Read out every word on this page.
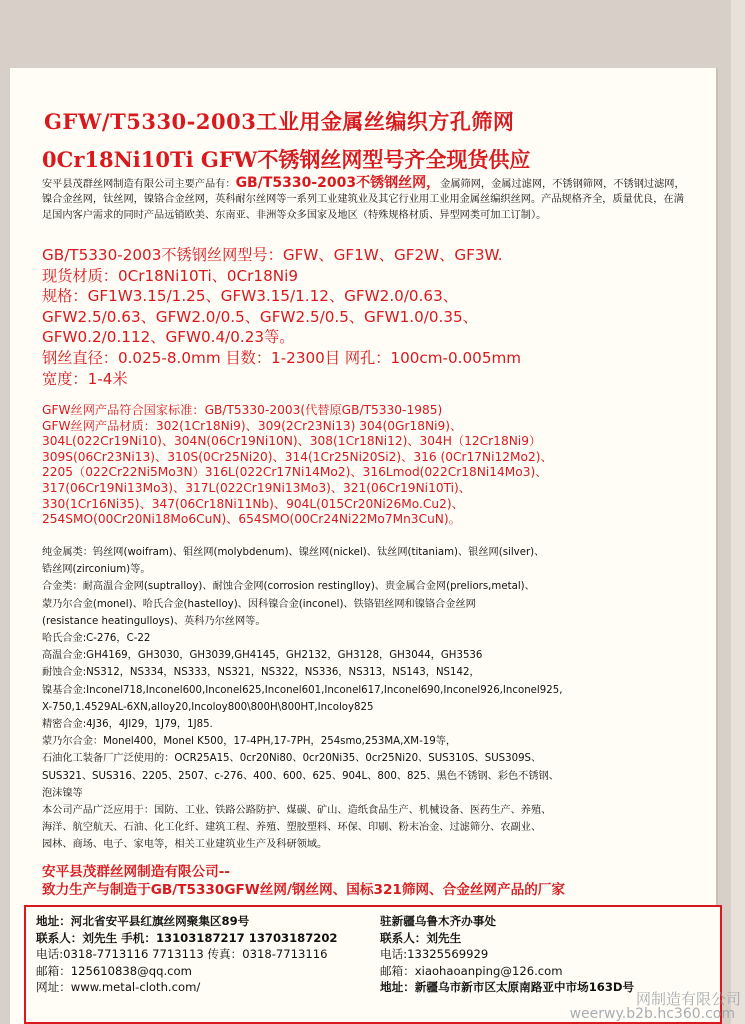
GFW/T5330-2003工业用金属丝编织方孔筛网
0Cr18Ni10Ti GFW不锈钢丝网型号齐全现货供应
安平县茂群丝网制造有限公司主要产品有：GB/T5330-2003不锈钢丝网，金属筛网，金属过滤网，不锈钢筛网，不锈钢过滤网，镍合金丝网，钛丝网，镍铬合金丝网，英科耐尔丝网等一系列工业建筑业及其它行业用工业用金属丝编织丝网。产品规格齐全，质量优良，在满足国内客户需求的同时产品远销欧美、东南亚、非洲等众多国家及地区（特殊规格材质、异型网类可加工订制）。
GB/T5330-2003不锈钢丝网型号：GFW、GF1W、GF2W、GF3W.
现货材质：0Cr18Ni10Ti、0Cr18Ni9
规格：GF1W3.15/1.25、GFW3.15/1.12、GFW2.0/0.63、
GFW2.5/0.63、GFW2.0/0.5、GFW2.5/0.5、GFW1.0/0.35、
GFW0.2/0.112、GFW0.4/0.23等。
钢丝直径：0.025-8.0mm 目数：1-2300目 网孔：100cm-0.005mm
宽度：1-4米
GFW丝网产品符合国家标准：GB/T5330-2003(代替原GB/T5330-1985)
GFW丝网产品材质：302(1Cr18Ni9)、309(2Cr23Ni13) 304(0Gr18Ni9)、
304L(022Cr19Ni10)、304N(06Cr19Ni10N)、308(1Cr18Ni12)、304H（12Cr18Ni9）
309S(06Cr23Ni13)、310S(0Cr25Ni20)、314(1Cr25Ni20Si2)、316 (0Cr17Ni12Mo2)、
2205（022Cr22Ni5Mo3N）316L(022Cr17Ni14Mo2)、316Lmod(022Cr18Ni14Mo3)、
317(06Cr19Ni13Mo3)、317L(022Cr19Ni13Mo3)、321(06Cr19Ni10Ti)、
330(1Cr16Ni35)、347(06Cr18Ni11Nb)、904L(015Cr20Ni26Mo.Cu2)、
254SMO(00Cr20Ni18Mo6CuN)、654SMO(00Cr24Ni22Mo7Mn3CuN)。
纯金属类：钨丝网(woifram)、钼丝网(molybdenum)、镍丝网(nickel)、钛丝网(titaniam)、银丝网(silver)、
锆丝网(zirconium)等。
合金类：耐高温合金网(suptralloy)、耐蚀合金网(corrosion restinglloy)、贵金属合金网(preliors,metal)、
蒙乃尔合金(monel)、哈氏合金(hastelloy)、因科镍合金(inconel)、铁铬铝丝网和镍铬合金丝网
(resistance heatingulloys)、英科乃尔丝网等。
哈氏合金:C-276，C-22
高温合金:GH4169，GH3030，GH3039,GH4145，GH2132，GH3128，GH3044，GH3536
耐蚀合金:NS312，NS334，NS333，NS321，NS322，NS336，NS313，NS143，NS142，
镍基合金:Inconel718,Inconel600,Inconel625,Inconel601,Inconel617,Inconel690,Inconel926,Inconel925,
X-750,1.4529AL-6XN,alloy20,Incoloy800\800H\800HT,Incoloy825
精密合金:4J36，4JI29，1J79，1J85.
蒙乃尔合金：Monel400，Monel K500，17-4PH,17-7PH，254smo,253MA,XM-19等，
石油化工装备厂广泛使用的：OCR25A15、0cr20Ni80、0cr20Ni35、0cr25Ni20、SUS310S、SUS309S、
SUS321、SUS316、2205、2507、c-276、400、600、625、904L、800、825、黑色不锈钢、彩色不锈钢、
泡沫镍等
本公司产品广泛应用于：国防、工业、铁路公路防护、煤碳、矿山、造纸食品生产、机械设备、医药生产、养殖、
海洋、航空航天、石油、化工化纤、建筑工程、养殖、塑胶塑料、环保、印刷、粉末冶金、过滤筛分、农副业、
园林、商场、电子、家电等，相关工业建筑业生产及科研领域。
安平县茂群丝网制造有限公司--
致力生产与制造于GB/T5330GFW丝网/钢丝网、国标321筛网、合金丝网产品的厂家
地址：河北省安平县红旗丝网聚集区89号
联系人：刘先生 手机：13103187217 13703187202
电话:0318-7713116 7713113 传真：0318-7713116
邮箱：125610838@qq.com
网址：www.metal-cloth.com/
驻新疆乌鲁木齐办事处
联系人：刘先生
电话:13325569929
邮箱：xiaohaoanping@126.com
地址：新疆乌市新市区太原南路亚中市场163D号
网制造有限公司
weerwy.b2b.hc360.com
